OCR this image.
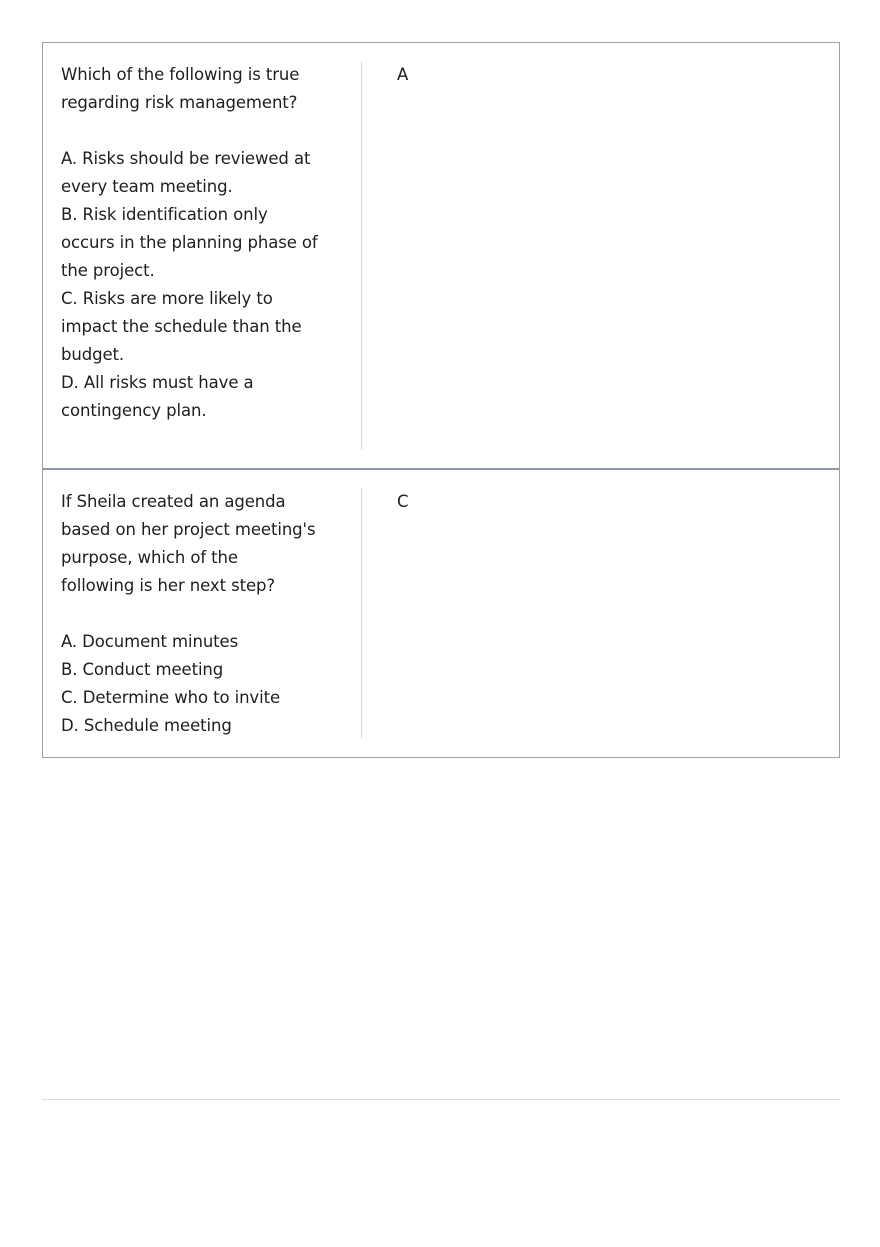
Which of the following is true
regarding risk management?
A. Risks should be reviewed at
every team meeting.
B. Risk identification only
occurs in the planning phase of
the project.
C. Risks are more likely to
impact the schedule than the
budget.
D. All risks must have a
contingency plan.
A
If Sheila created an agenda
based on her project meeting's
purpose, which of the
following is her next step?
A. Document minutes
B. Conduct meeting
C. Determine who to invite
D. Schedule meeting
C
